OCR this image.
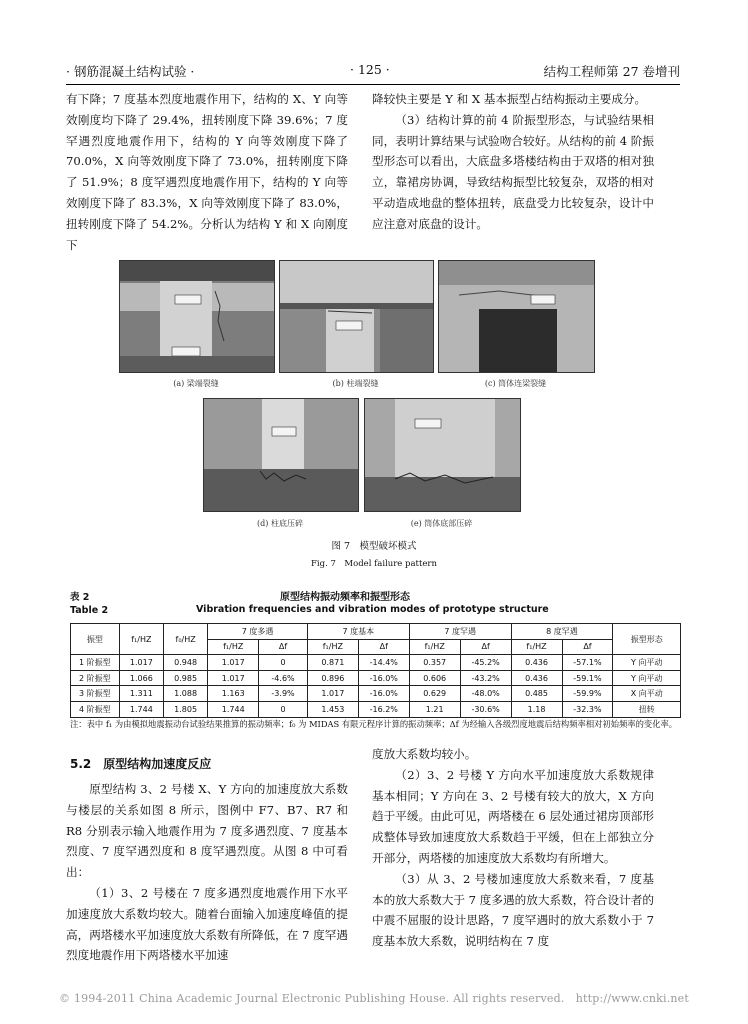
· 钢筋混凝土结构试验 ·	· 125 ·	结构工程师第 27 卷增刊

有下降；7 度基本烈度地震作用下，结构的 X、Y 向等效刚度均下降了 29.4%，扭转刚度下降 39.6%；7 度罕遇烈度地震作用下，结构的 Y 向等效刚度下降了 70.0%，X 向等效刚度下降了 73.0%，扭转刚度下降了 51.9%；8 度罕遇烈度地震作用下，结构的 Y 向等效刚度下降了 83.3%，X 向等效刚度下降了 83.0%，扭转刚度下降了 54.2%。分析认为结构 Y 和 X 向刚度下

降较快主要是 Y 和 X 基本振型占结构振动主要成分。

（3）结构计算的前 4 阶振型形态，与试验结果相同，表明计算结果与试验吻合较好。从结构的前 4 阶振型形态可以看出，大底盘多塔楼结构由于双塔的相对独立，靠裙房协调，导致结构振型比较复杂，双塔的相对平动造成地盘的整体扭转，底盘受力比较复杂，设计中应注意对底盘的设计。

(a) 梁端裂缝	(b) 柱端裂缝	(c) 筒体连梁裂缝
(d) 柱底压碎	(e) 筒体底部压碎
图 7　模型破坏模式
Fig. 7　Model failure pattern
表 2	原型结构振动频率和振型形态
Table 2	Vibration frequencies and vibration modes of prototype structure
振型	f₁/HZ	f₀/HZ	7 度多遇		7 度基本		7 度罕遇		8 度罕遇		振型形态
			f₁/HZ	Δf	f₁/HZ	Δf	f₁/HZ	Δf	f₁/HZ	Δf	
1 阶振型	1.017	0.948	1.017	0	0.871	-14.4%	0.357	-45.2%	0.436	-57.1%	Y 向平动
2 阶振型	1.066	0.985	1.017	-4.6%	0.896	-16.0%	0.606	-43.2%	0.436	-59.1%	Y 向平动
3 阶振型	1.311	1.088	1.163	-3.9%	1.017	-16.0%	0.629	-48.0%	0.485	-59.9%	X 向平动
4 阶振型	1.744	1.805	1.744	0	1.453	-16.2%	1.21	-30.6%	1.18	-32.3%	扭转
注：表中 f₁ 为由模拟地震振动台试验结果推算的振动频率；f₀ 为 MIDAS 有限元程序计算的振动频率；Δf 为经输入各级烈度地震后结构频率相对初始频率的变化率。
5.2　原型结构加速度反应

原型结构 3、2 号楼 X、Y 方向的加速度放大系数与楼层的关系如图 8 所示，图例中 F7、B7、R7 和 R8 分别表示输入地震作用为 7 度多遇烈度、7 度基本烈度、7 度罕遇烈度和 8 度罕遇烈度。从图 8 中可看出：

（1）3、2 号楼在 7 度多遇烈度地震作用下水平加速度放大系数均较大。随着台面输入加速度峰值的提高，两塔楼水平加速度放大系数有所降低，在 7 度罕遇烈度地震作用下两塔楼水平加速

度放大系数均较小。

（2）3、2 号楼 Y 方向水平加速度放大系数规律基本相同；Y 方向在 3、2 号楼有较大的放大，X 方向趋于平缓。由此可见，两塔楼在 6 层处通过裙房顶部形成整体导致加速度放大系数趋于平缓，但在上部独立分开部分，两塔楼的加速度放大系数均有所增大。

（3）从 3、2 号楼加速度放大系数来看，7 度基本的放大系数大于 7 度多遇的放大系数，符合设计者的中震不屈服的设计思路，7 度罕遇时的放大系数小于 7 度基本放大系数，说明结构在 7 度

© 1994-2011 China Academic Journal Electronic Publishing House. All rights reserved.　http://www.cnki.net
